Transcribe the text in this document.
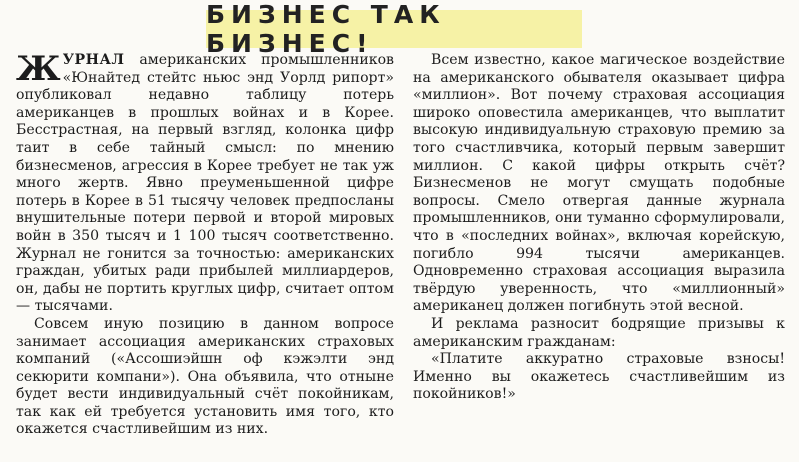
БИЗНЕС ТАК БИЗНЕС!

ЖУРНАЛ американских промышленников «Юнайтед стейтс ньюс энд Уорлд рипорт» опубликовал недавно таблицу потерь американцев в прошлых войнах и в Корее. Бесстрастная, на первый взгляд, колонка цифр таит в себе тайный смысл: по мнению бизнесменов, агрессия в Корее требует не так уж много жертв. Явно преуменьшенной цифре потерь в Корее в 51 тысячу человек предпосланы внушительные потери первой и второй мировых войн в 350 тысяч и 1 100 тысяч соответственно. Журнал не гонится за точностью: американских граждан, убитых ради прибылей миллиардеров, он, дабы не портить круглых цифр, считает оптом — тысячами.

Совсем иную позицию в данном вопросе занимает ассоциация американских страховых компаний («Ассошиэйшн оф кэжэлти энд секюрити компани»). Она объявила, что отныне будет вести индивидуальный счёт покойникам, так как ей требуется установить имя того, кто окажется счастливейшим из них.

Всем известно, какое магическое воздействие на американского обывателя оказывает цифра «миллион». Вот почему страховая ассоциация широко оповестила американцев, что выплатит высокую индивидуальную страховую премию за того счастливчика, который первым завершит миллион. С какой цифры открыть счёт? Бизнесменов не могут смущать подобные вопросы. Смело отвергая данные журнала промышленников, они туманно сформулировали, что в «последних войнах», включая корейскую, погибло 994 тысячи американцев. Одновременно страховая ассоциация выразила твёрдую уверенность, что «миллионный» американец должен погибнуть этой весной.

И реклама разносит бодрящие призывы к американским гражданам:

«Платите аккуратно страховые взносы! Именно вы окажетесь счастливейшим из покойников!»
